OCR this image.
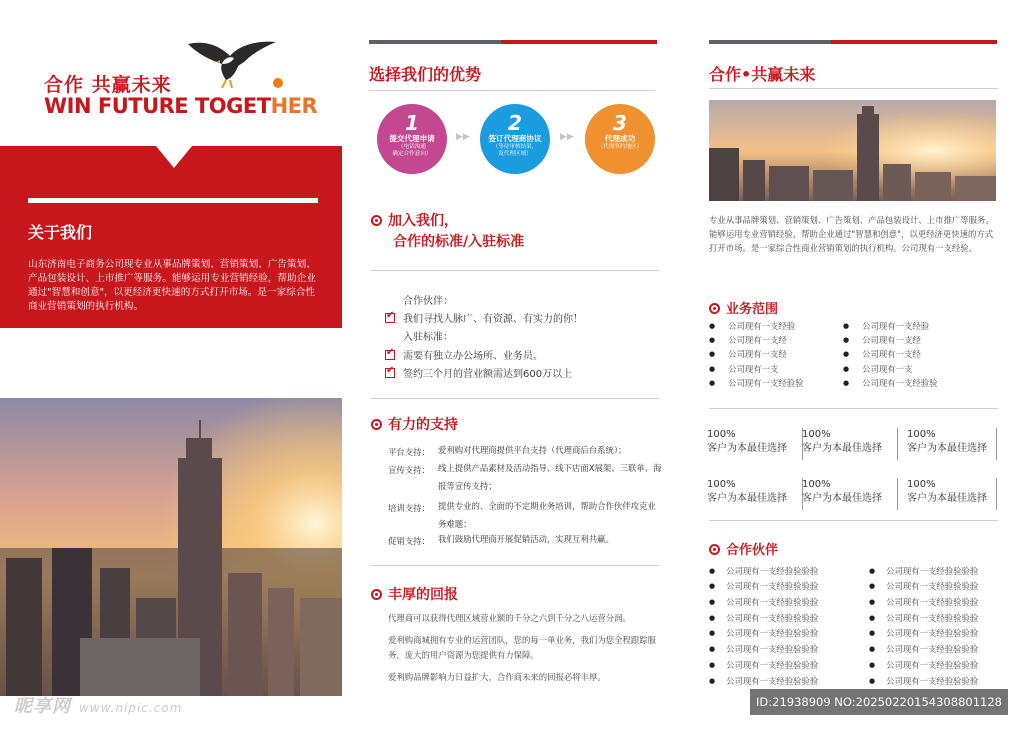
合作 共赢未来
WIN FUTURE TOGETHER
关于我们
山东济南电子商务公司现专业从事品牌策划、营销策划、广告策划、产品包装设计、上市推广等服务。能够运用专业营销经验，帮助企业通过"智慧和创意"，以更经济更快速的方式打开市场。是一家综合性商业营销策划的执行机构。
选择我们的优势
1
提交代理申请
（电话沟通
确定合作意向）
▶▶
2
签订代理商协议
（等待审核结果，
及代理区域）
▶▶
3
代理成功
（代理签约地区）
加入我们，
合作的标准/入驻标准
合作伙伴：
✔我们寻找人脉广、有资源、有实力的你！
入驻标准：
✔需要有独立办公场所、业务员。
✔签约三个月的营业额需达到600万以上
有力的支持
平台支持： 爱利购对代理商提供平台支持（代理商后台系统）；
宣传支持： 线上提供产品素材及活动指导、线下店面X展架、三联单、海报等宣传支持；
培训支持： 提供专业的、全面的不定期业务培训，帮助合作伙伴攻克业务难题；
促销支持： 我们鼓励代理商开展促销活动，实现互利共赢。
丰厚的回报
代理商可以获得代理区域营业额的千分之六到千分之八运营分润。
爱利购商城拥有专业的运营团队，您的每一单业务，我们为您全程跟踪服务，庞大的用户资源为您提供有力保障。
爱利购品牌影响力日益扩大，合作商未来的回报必将丰厚。
合作•共赢未来
专业从事品牌策划、营销策划、广告策划、产品包装设计、上市推广等服务。能够运用专业营销经验，帮助企业通过"智慧和创意"，以更经济更快速的方式打开市场。是一家综合性商业营销策划的执行机构。公司现有一支经验。
业务范围
● 公司现有一支经验
● 公司现有一支经
● 公司现有一支经
● 公司现有一支
● 公司现有一支经验验
● 公司现有一支经验
● 公司现有一支经
● 公司现有一支经
● 公司现有一支
● 公司现有一支经验验
100%
客户为本最佳选择
100%
客户为本最佳选择
100%
客户为本最佳选择
100%
客户为本最佳选择
100%
客户为本最佳选择
100%
客户为本最佳选择
合作伙伴
● 公司现有一支经验验验验
● 公司现有一支经验验验验
● 公司现有一支经验验验验
● 公司现有一支经验验验验
● 公司现有一支经验验验验
● 公司现有一支经验验验验
● 公司现有一支经验验验验
● 公司现有一支经验验验验
● 公司现有一支经验验验验
● 公司现有一支经验验验验
● 公司现有一支经验验验验
● 公司现有一支经验验验验
● 公司现有一支经验验验验
● 公司现有一支经验验验验
● 公司现有一支经验验验验
● 公司现有一支经验验验验
昵享网 www.nipic.com	ID:21938909 NO:20250220154308801128
